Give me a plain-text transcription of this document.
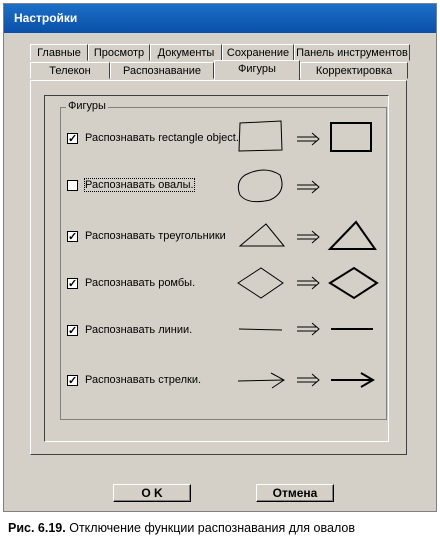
Настройки
Главные	Просмотр	Документы	Сохранение Панель инструментов
Телекон	Распознавание	Фигуры	Корректировка
Фигуры
✓ Распознавать rectangle object.
Распознавать овалы.
✓ Распознавать треугольники
✓ Распознавать ромбы.
✓ Распознавать линии.
✓ Распознавать стрелки.
O K	Отмена
Рис. 6.19. Отключение функции распознавания для овалов
